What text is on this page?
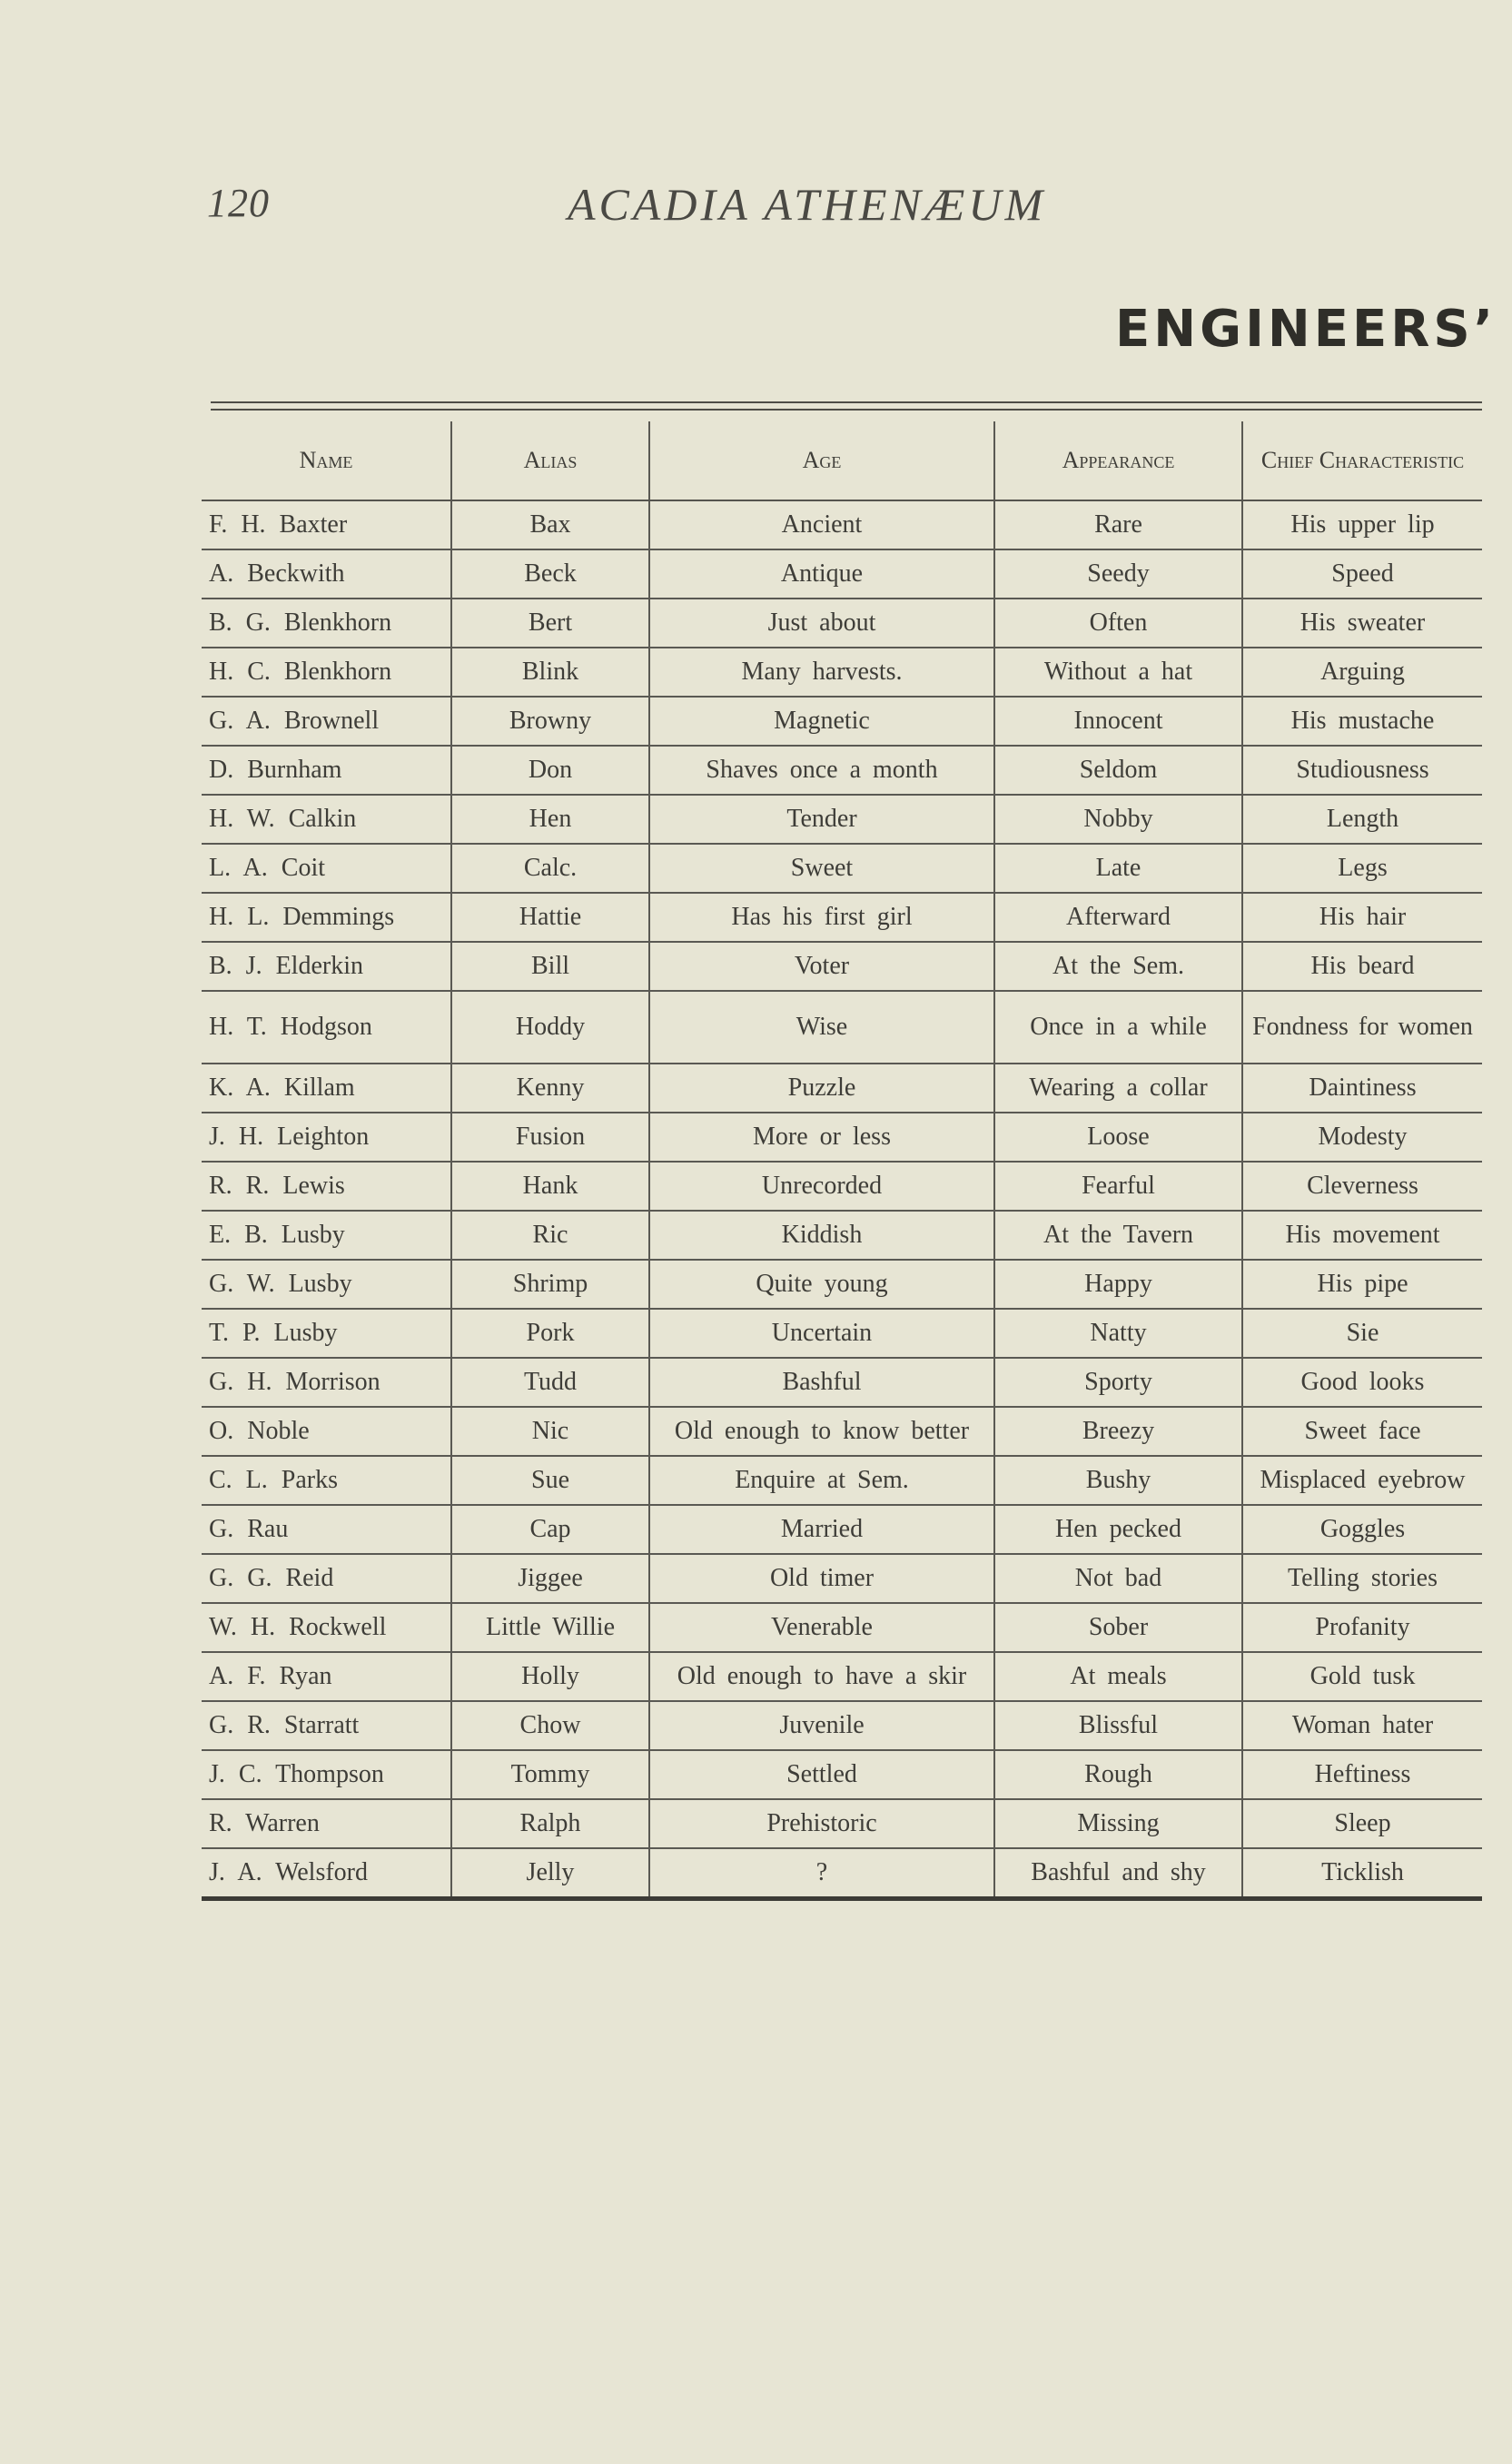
120	ACADIA ATHENÆUM
ENGINEERS’
Name	Alias	Age	Appearance	Chief Characteristic
F. H. Baxter	Bax	Ancient	Rare	His upper lip
A. Beckwith	Beck	Antique	Seedy	Speed
B. G. Blenkhorn	Bert	Just about	Often	His sweater
H. C. Blenkhorn	Blink	Many harvests.	Without a hat	Arguing
G. A. Brownell	Browny	Magnetic	Innocent	His mustache
D. Burnham	Don	Shaves once a month	Seldom	Studiousness
H. W. Calkin	Hen	Tender	Nobby	Length
L. A. Coit	Calc.	Sweet	Late	Legs
H. L. Demmings	Hattie	Has his first girl	Afterward	His hair
B. J. Elderkin	Bill	Voter	At the Sem.	His beard
H. T. Hodgson	Hoddy	Wise	Once in a while	Fondness for women
K. A. Killam	Kenny	Puzzle	Wearing a collar	Daintiness
J. H. Leighton	Fusion	More or less	Loose	Modesty
R. R. Lewis	Hank	Unrecorded	Fearful	Cleverness
E. B. Lusby	Ric	Kiddish	At the Tavern	His movement
G. W. Lusby	Shrimp	Quite young	Happy	His pipe
T. P. Lusby	Pork	Uncertain	Natty	Sie
G. H. Morrison	Tudd	Bashful	Sporty	Good looks
O. Noble	Nic	Old enough to know better	Breezy	Sweet face
C. L. Parks	Sue	Enquire at Sem.	Bushy	Misplaced eyebrow
G. Rau	Cap	Married	Hen pecked	Goggles
G. G. Reid	Jiggee	Old timer	Not bad	Telling stories
W. H. Rockwell	Little Willie	Venerable	Sober	Profanity
A. F. Ryan	Holly	Old enough to have a skir	At meals	Gold tusk
G. R. Starratt	Chow	Juvenile	Blissful	Woman hater
J. C. Thompson	Tommy	Settled	Rough	Heftiness
R. Warren	Ralph	Prehistoric	Missing	Sleep
J. A. Welsford	Jelly	?	Bashful and shy	Ticklish
